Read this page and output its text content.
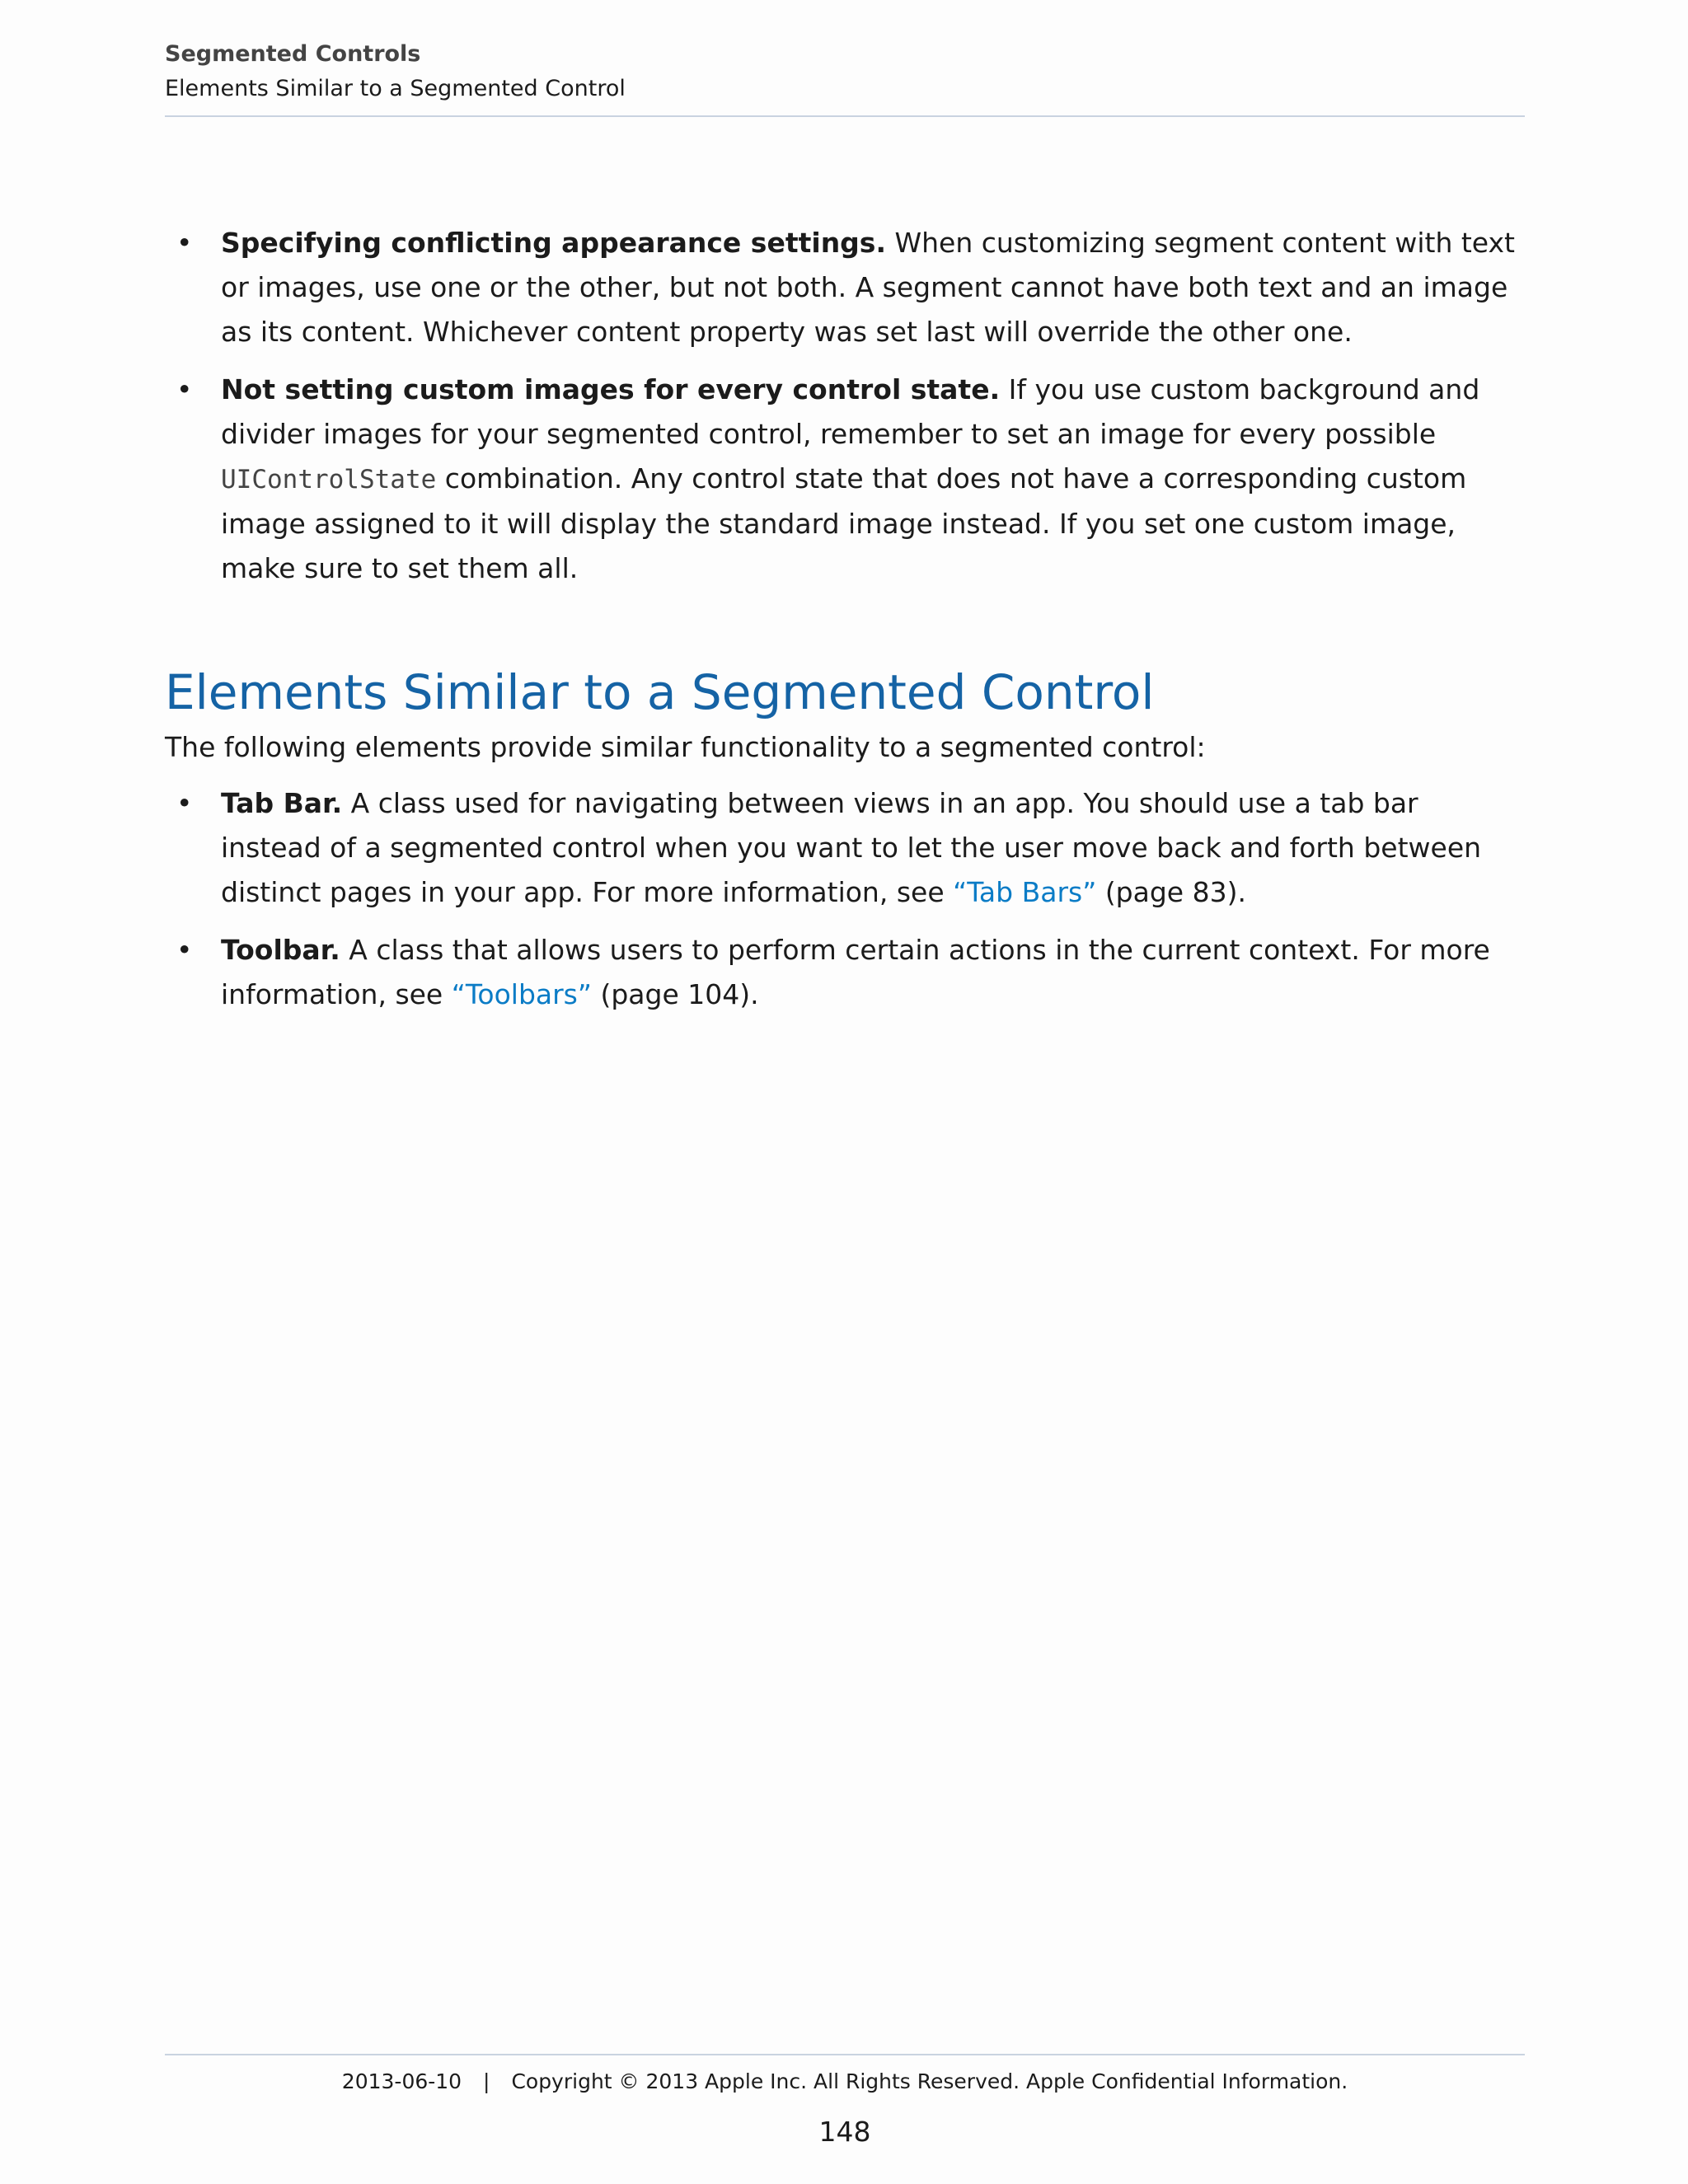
Segmented Controls
Elements Similar to a Segmented Control
• Specifying conflicting appearance settings. When customizing segment content with text or images, use one or the other, but not both. A segment cannot have both text and an image as its content. Whichever content property was set last will override the other one.
• Not setting custom images for every control state. If you use custom background and divider images for your segmented control, remember to set an image for every possible UIControlState combination. Any control state that does not have a corresponding custom image assigned to it will display the standard image instead. If you set one custom image, make sure to set them all.
Elements Similar to a Segmented Control

The following elements provide similar functionality to a segmented control:

• Tab Bar. A class used for navigating between views in an app. You should use a tab bar instead of a segmented control when you want to let the user move back and forth between distinct pages in your app. For more information, see “Tab Bars” (page 83).
• Toolbar. A class that allows users to perform certain actions in the current context. For more information, see “Toolbars” (page 104).
2013-06-10 | Copyright © 2013 Apple Inc. All Rights Reserved. Apple Confidential Information.
148
